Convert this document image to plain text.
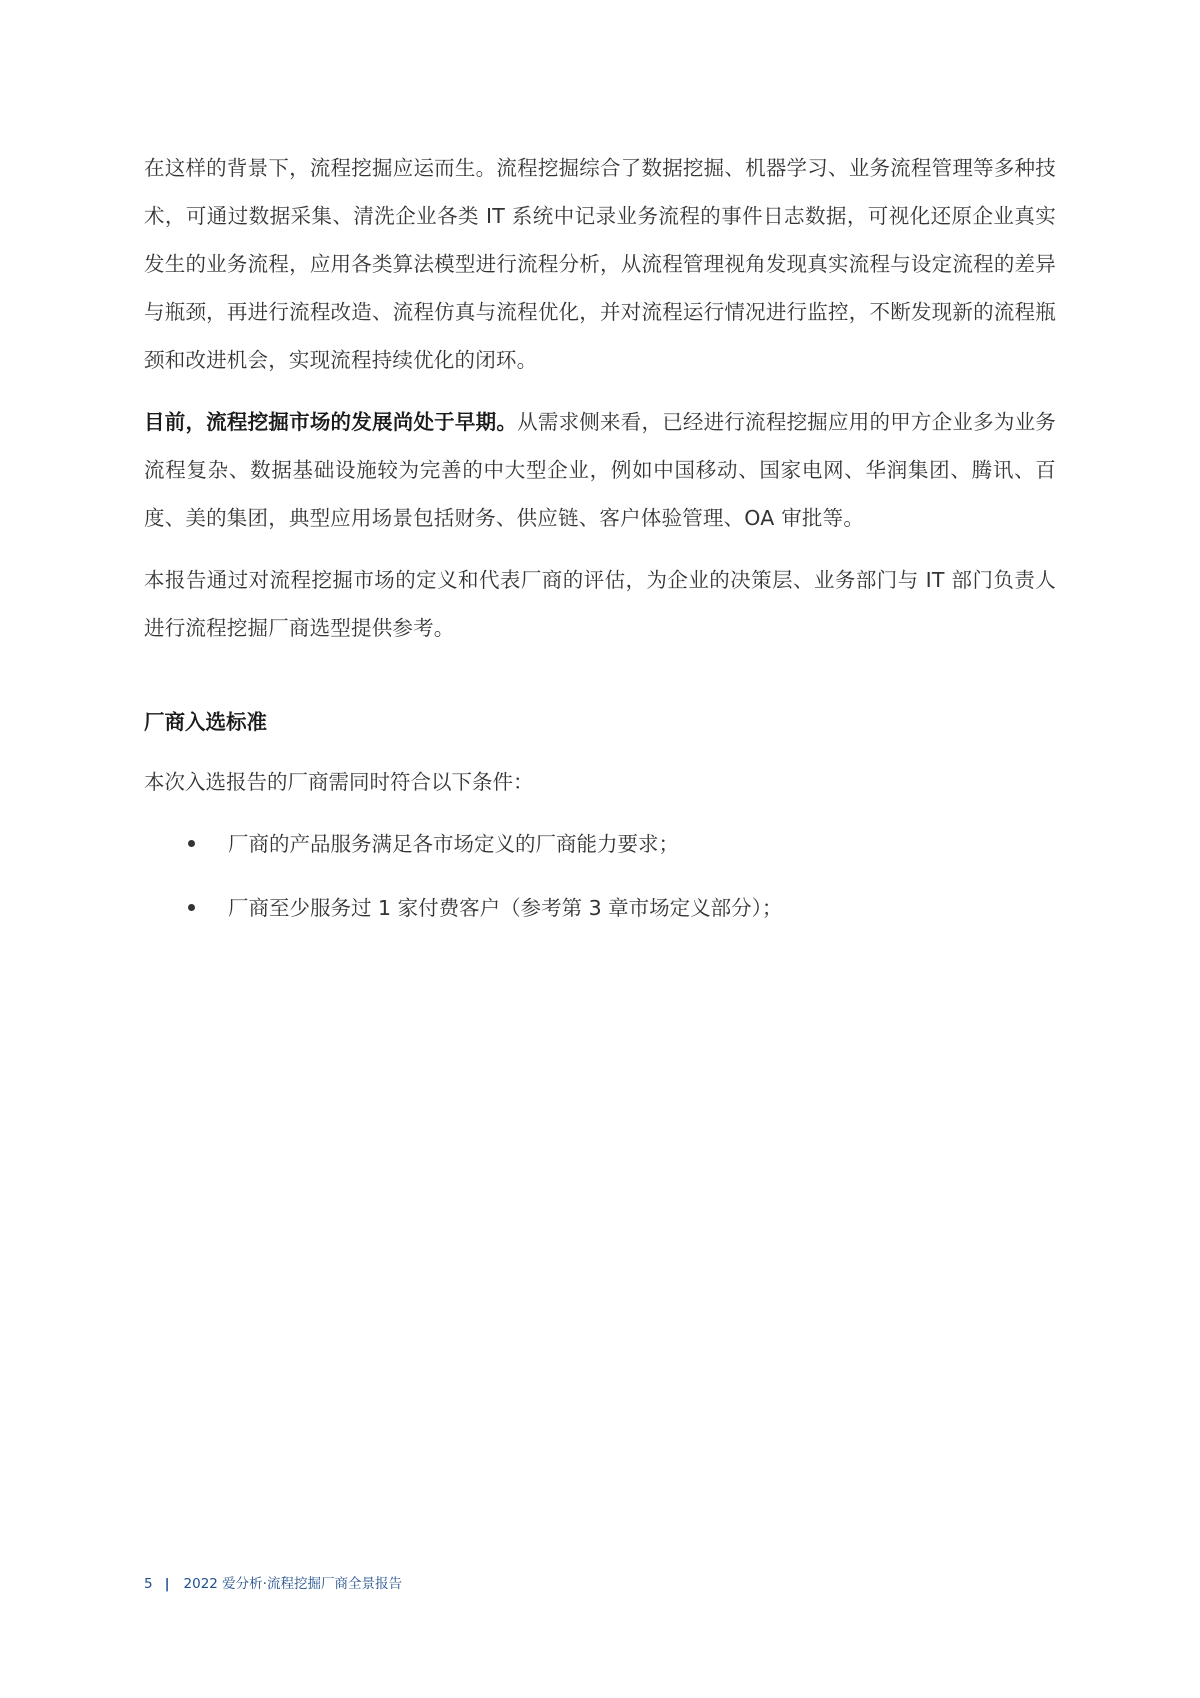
在这样的背景下，流程挖掘应运而生。流程挖掘综合了数据挖掘、机器学习、业务流程管理等多种技术，可通过数据采集、清洗企业各类 IT 系统中记录业务流程的事件日志数据，可视化还原企业真实发生的业务流程，应用各类算法模型进行流程分析，从流程管理视角发现真实流程与设定流程的差异与瓶颈，再进行流程改造、流程仿真与流程优化，并对流程运行情况进行监控，不断发现新的流程瓶颈和改进机会，实现流程持续优化的闭环。

目前，流程挖掘市场的发展尚处于早期。从需求侧来看，已经进行流程挖掘应用的甲方企业多为业务流程复杂、数据基础设施较为完善的中大型企业，例如中国移动、国家电网、华润集团、腾讯、百度、美的集团，典型应用场景包括财务、供应链、客户体验管理、OA 审批等。

本报告通过对流程挖掘市场的定义和代表厂商的评估，为企业的决策层、业务部门与 IT 部门负责人进行流程挖掘厂商选型提供参考。

厂商入选标准

本次入选报告的厂商需同时符合以下条件：

厂商的产品服务满足各市场定义的厂商能力要求；
厂商至少服务过 1 家付费客户（参考第 3 章市场定义部分）；
5 | 2022 爱分析·流程挖掘厂商全景报告
